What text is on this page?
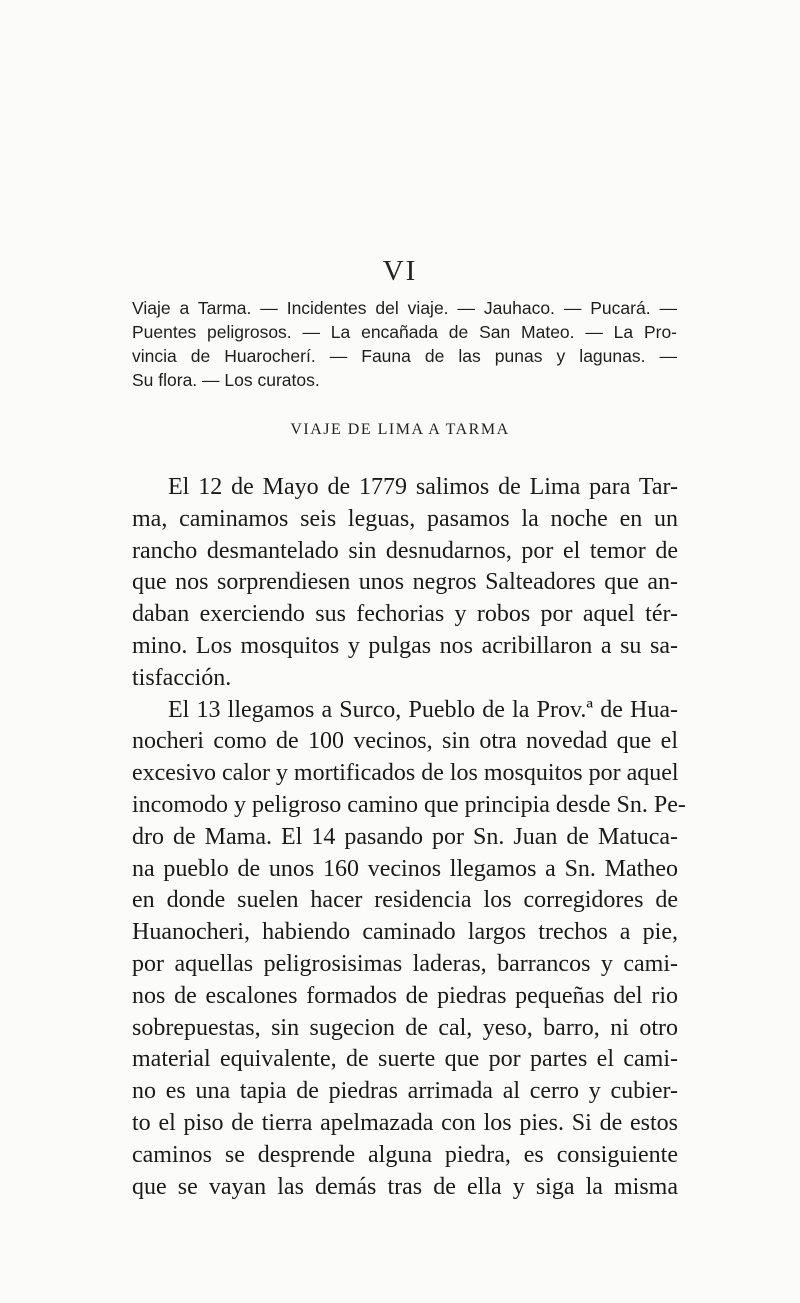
VI
Viaje a Tarma. — Incidentes del viaje. — Jauhaco. — Pucará. —
Puentes peligrosos. — La encañada de San Mateo. — La Pro-
vincia de Huarocherí. — Fauna de las punas y lagunas. —
Su flora. — Los curatos.
VIAJE DE LIMA A TARMA
El 12 de Mayo de 1779 salimos de Lima para Tar-
ma, caminamos seis leguas, pasamos la noche en un
rancho desmantelado sin desnudarnos, por el temor de
que nos sorprendiesen unos negros Salteadores que an-
daban exerciendo sus fechorias y robos por aquel tér-
mino. Los mosquitos y pulgas nos acribillaron a su sa-
tisfacción.
El 13 llegamos a Surco, Pueblo de la Prov.ª de Hua-
nocheri como de 100 vecinos, sin otra novedad que el
excesivo calor y mortificados de los mosquitos por aquel
incomodo y peligroso camino que principia desde Sn. Pe-
dro de Mama. El 14 pasando por Sn. Juan de Matuca-
na pueblo de unos 160 vecinos llegamos a Sn. Matheo
en donde suelen hacer residencia los corregidores de
Huanocheri, habiendo caminado largos trechos a pie,
por aquellas peligrosisimas laderas, barrancos y cami-
nos de escalones formados de piedras pequeñas del rio
sobrepuestas, sin sugecion de cal, yeso, barro, ni otro
material equivalente, de suerte que por partes el cami-
no es una tapia de piedras arrimada al cerro y cubier-
to el piso de tierra apelmazada con los pies. Si de estos
caminos se desprende alguna piedra, es consiguiente
que se vayan las demás tras de ella y siga la misma
